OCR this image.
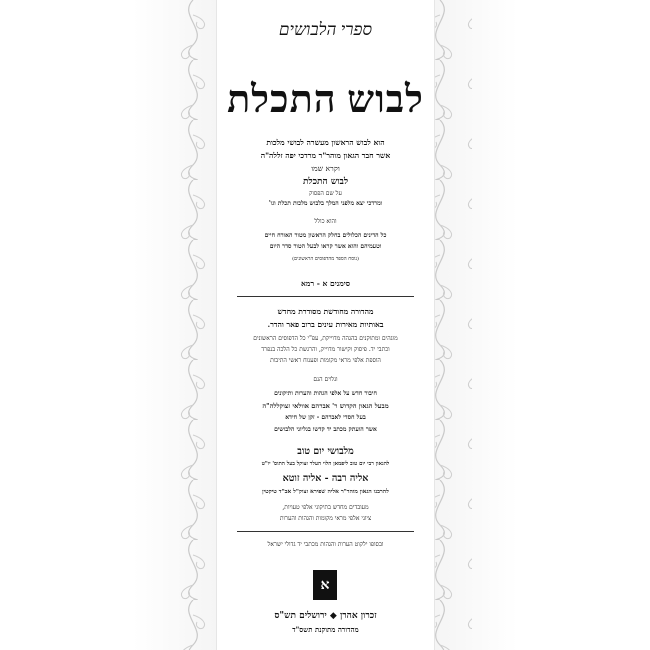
ספרי הלבושים
לבוש התכלת
הוא לבוש הראשון מעשרה לבושי מלכות
אשר חבר הגאון מוהר"ר מרדכי יפה זללה"ה
וקרא שמו
לבוש התכלת
על שם הפסוק
ומרדכי יצא מלפני המלך בלבוש מלכות תכלת וגו'
והוא כולל
כל הדינים הכלולים בחלק הראשון מטור האורח חיים
וטעמיהם והוא אשר קראו לבעל הטור סדר היום
(נוסח הספר מהדפוסים הראשונים)
סימנים א - רמא
מהדורה מחודשת מסודרת מחדש
באותיות מאירות עינים ברוב פאר והדר.
מוגהים ומתוקנים בהגהה מדוייקת, עפ"י כל הדפוסים הראשונים
וכתבי יד. פיסוק וקישור מדוייק, והרגשת כל הלכה בנפרד
הוספת אלפי מראי מקומות ופענוח ראשי התיבות
ונלוים הנם
חיבור חדש על אלפי הגהות והערות ותיקונים
מבעל הגאון הקדוש ר' אברהם אוולאי זצוקללה"ה
בעל חסדי לאברהם - זקן של חידא
אשר הועתק מכתב יד קדשו בגליוני הלבושים
מלבושי יום טוב
להגאון רבי יום טוב ליפמאן הלוי העלר זצוקל בעל התוס' יו"ט
אליה רבה - אליה זוטא
להרבנו הגאון מוהר"ר אליה שפירא זצוק"ל אב"ד טיקטין
מעובדים מחדש בתיקוני אלפי טעויות,
ציוני אלפי מראי מקומות והגהות והערות
ובסופו ילקוט הערות והגהות מכתבי יד גדולי ישראל
א
זכרון אהרן ◆ ירושלים תש"ס
מהדורה מתוקנת תשס"ד
